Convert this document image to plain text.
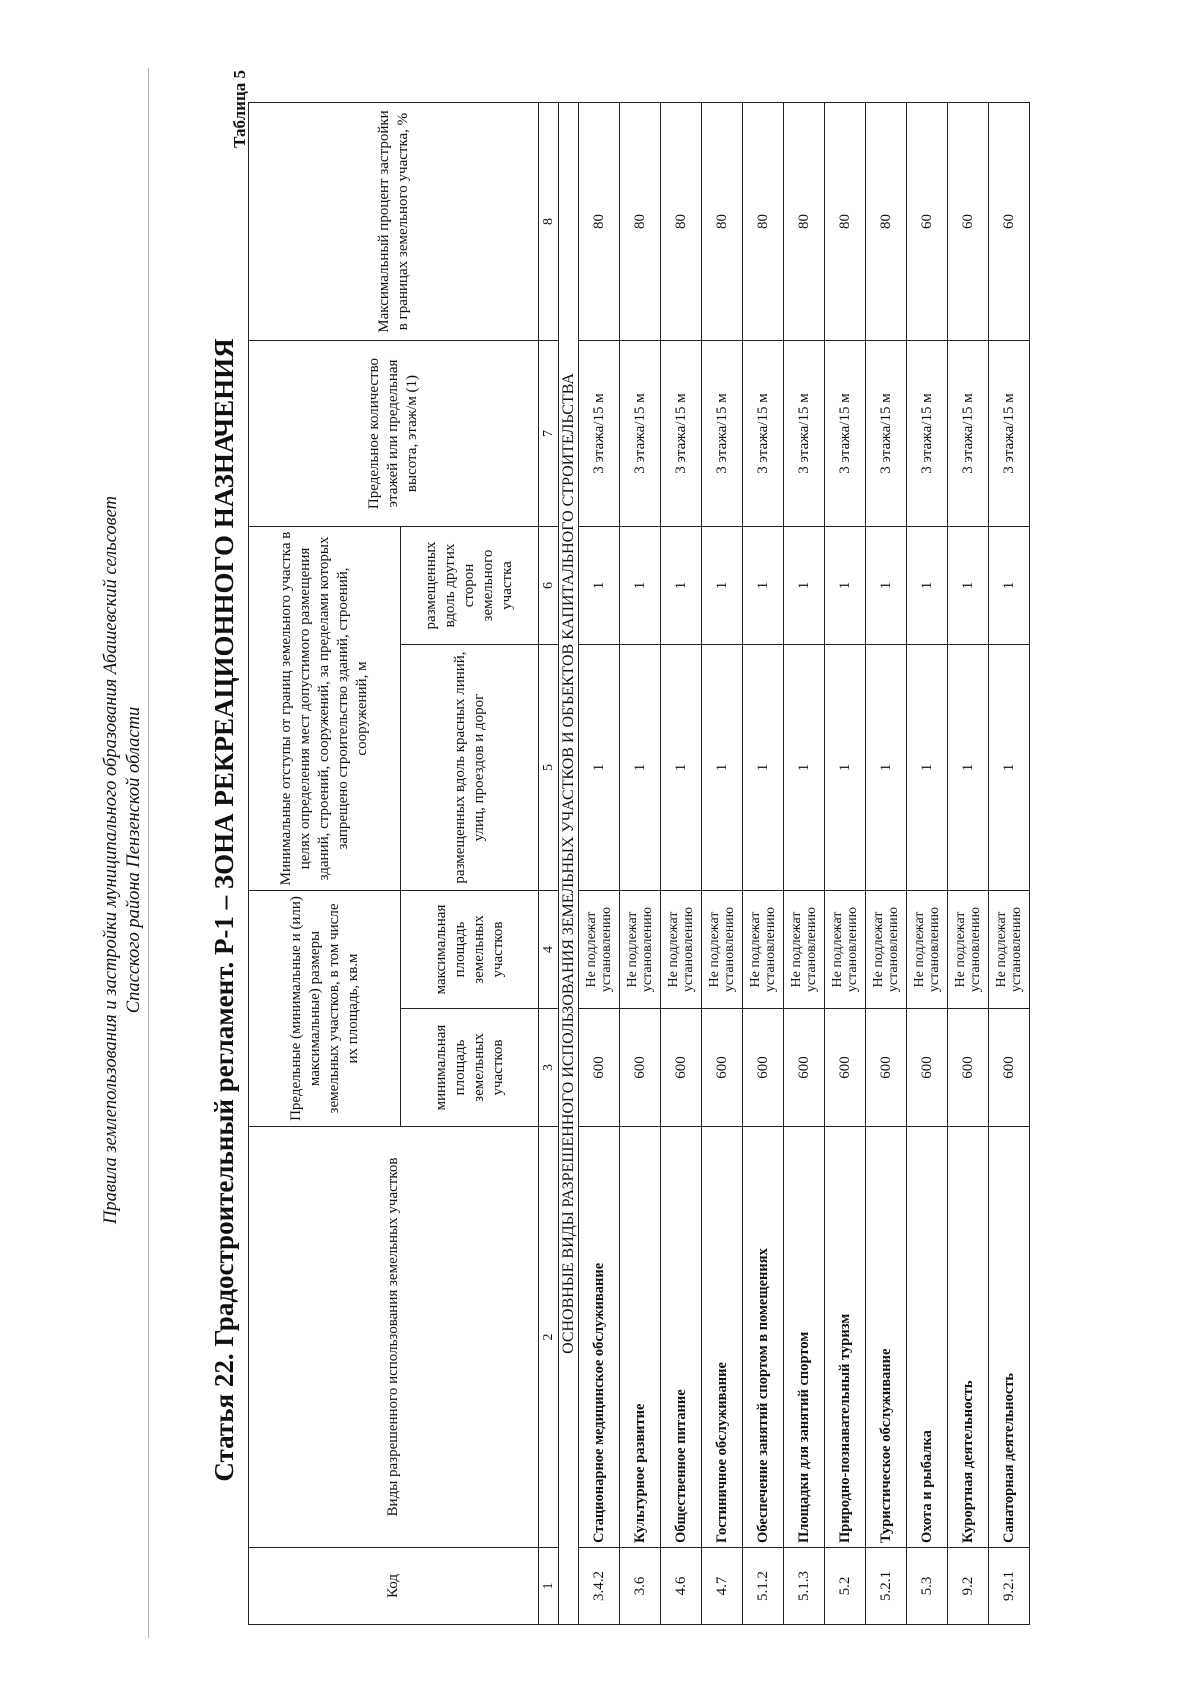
Правила землепользования и застройки муниципального образования Абашевский сельсовет Спасского района Пензенской области
Таблица 5
Статья 22. Градостроительный регламент. Р-1 – ЗОНА РЕКРЕАЦИОННОГО НАЗНАЧЕНИЯ
Код	Виды разрешенного использования земельных участков	Предельные (минимальные и (или) максимальные) размеры земельных участков, в том числе их площадь, кв.м		Минимальные отступы от границ земельного участка в целях определения мест допустимого размещения зданий, строений, сооружений, за пределами которых запрещено строительство зданий, строений, сооружений, м		Предельное количество этажей или предельная высота, этаж/м (1)	Максимальный процент застройки в границах земельного участка, %
		минимальная площадь земельных участков	максимальная площадь земельных участков	размещенных вдоль красных линий, улиц, проездов и дорог	размещенных вдоль других сторон земельного участка		
1	2	3	4	5	6	7	8
ОСНОВНЫЕ ВИДЫ РАЗРЕШЕННОГО ИСПОЛЬЗОВАНИЯ ЗЕМЕЛЬНЫХ УЧАСТКОВ И ОБЪЕКТОВ КАПИТАЛЬНОГО СТРОИТЕЛЬСТВА							
3.4.2	Стационарное медицинское обслуживание	600	Не подлежат установлению	1	1	3 этажа/15 м	80
3.6	Культурное развитие	600	Не подлежат установлению	1	1	3 этажа/15 м	80
4.6	Общественное питание	600	Не подлежат установлению	1	1	3 этажа/15 м	80
4.7	Гостиничное обслуживание	600	Не подлежат установлению	1	1	3 этажа/15 м	80
5.1.2	Обеспечение занятий спортом в помещениях	600	Не подлежат установлению	1	1	3 этажа/15 м	80
5.1.3	Площадки для занятий спортом	600	Не подлежат установлению	1	1	3 этажа/15 м	80
5.2	Природно-познавательный туризм	600	Не подлежат установлению	1	1	3 этажа/15 м	80
5.2.1	Туристическое обслуживание	600	Не подлежат установлению	1	1	3 этажа/15 м	80
5.3	Охота и рыбалка	600	Не подлежат установлению	1	1	3 этажа/15 м	60
9.2	Курортная деятельность	600	Не подлежат установлению	1	1	3 этажа/15 м	60
9.2.1	Санаторная деятельность	600	Не подлежат установлению	1	1	3 этажа/15 м	60
